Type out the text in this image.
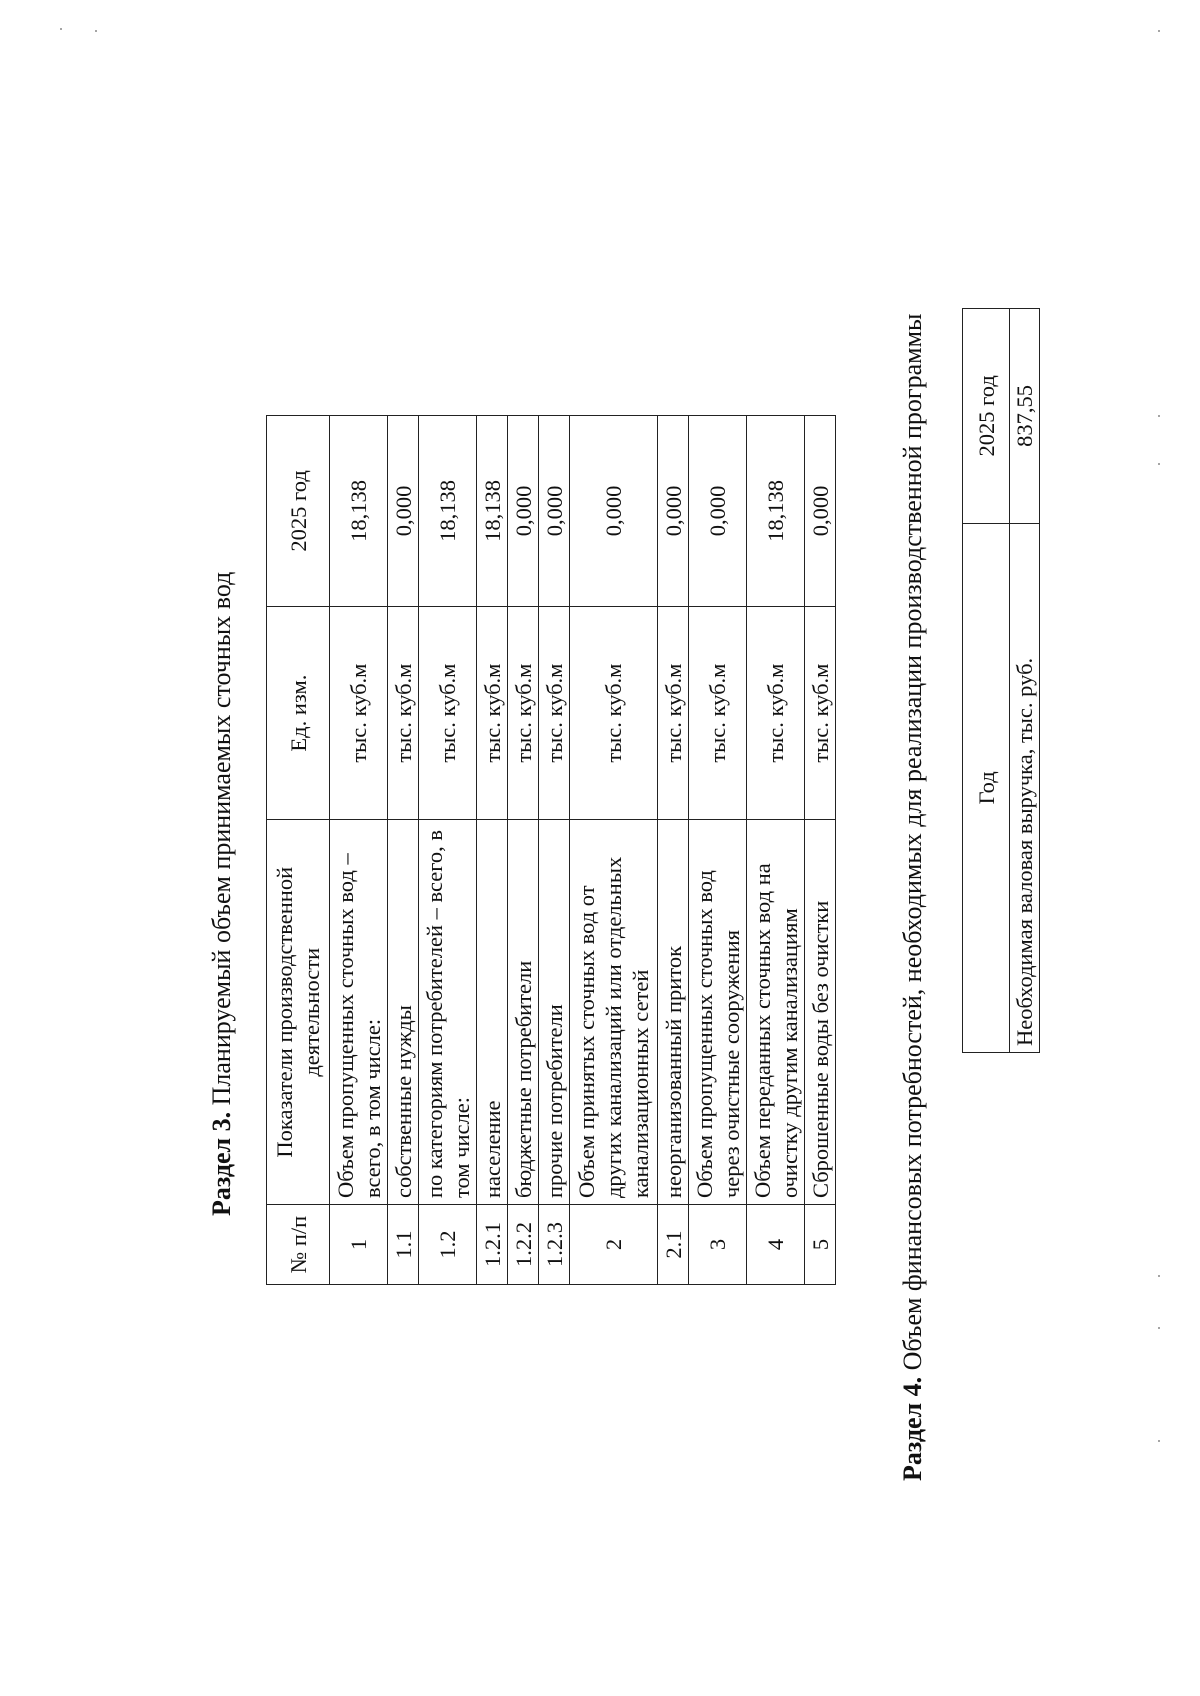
Раздел 3. Планируемый объем принимаемых сточных вод
№ п/п	Показатели производственной деятельности	Ед. изм.	2025 год
1	Объем пропущенных сточных вод – всего, в том числе:	тыс. куб.м	18,138
1.1	собственные нужды	тыс. куб.м	0,000
1.2	по категориям потребителей – всего, в том числе:	тыс. куб.м	18,138
1.2.1	население	тыс. куб.м	18,138
1.2.2	бюджетные потребители	тыс. куб.м	0,000
1.2.3	прочие потребители	тыс. куб.м	0,000
2	Объем принятых сточных вод от других канализаций или отдельных канализационных сетей	тыс. куб.м	0,000
2.1	неорганизованный приток	тыс. куб.м	0,000
3	Объем пропущенных сточных вод через очистные сооружения	тыс. куб.м	0,000
4	Объем переданных сточных вод на очистку другим канализациям	тыс. куб.м	18,138
5	Сброшенные воды без очистки	тыс. куб.м	0,000
Раздел 4. Объем финансовых потребностей, необходимых для реализации производственной программы Год	2025 год
Необходимая валовая выручка, тыс. руб.	837,55
